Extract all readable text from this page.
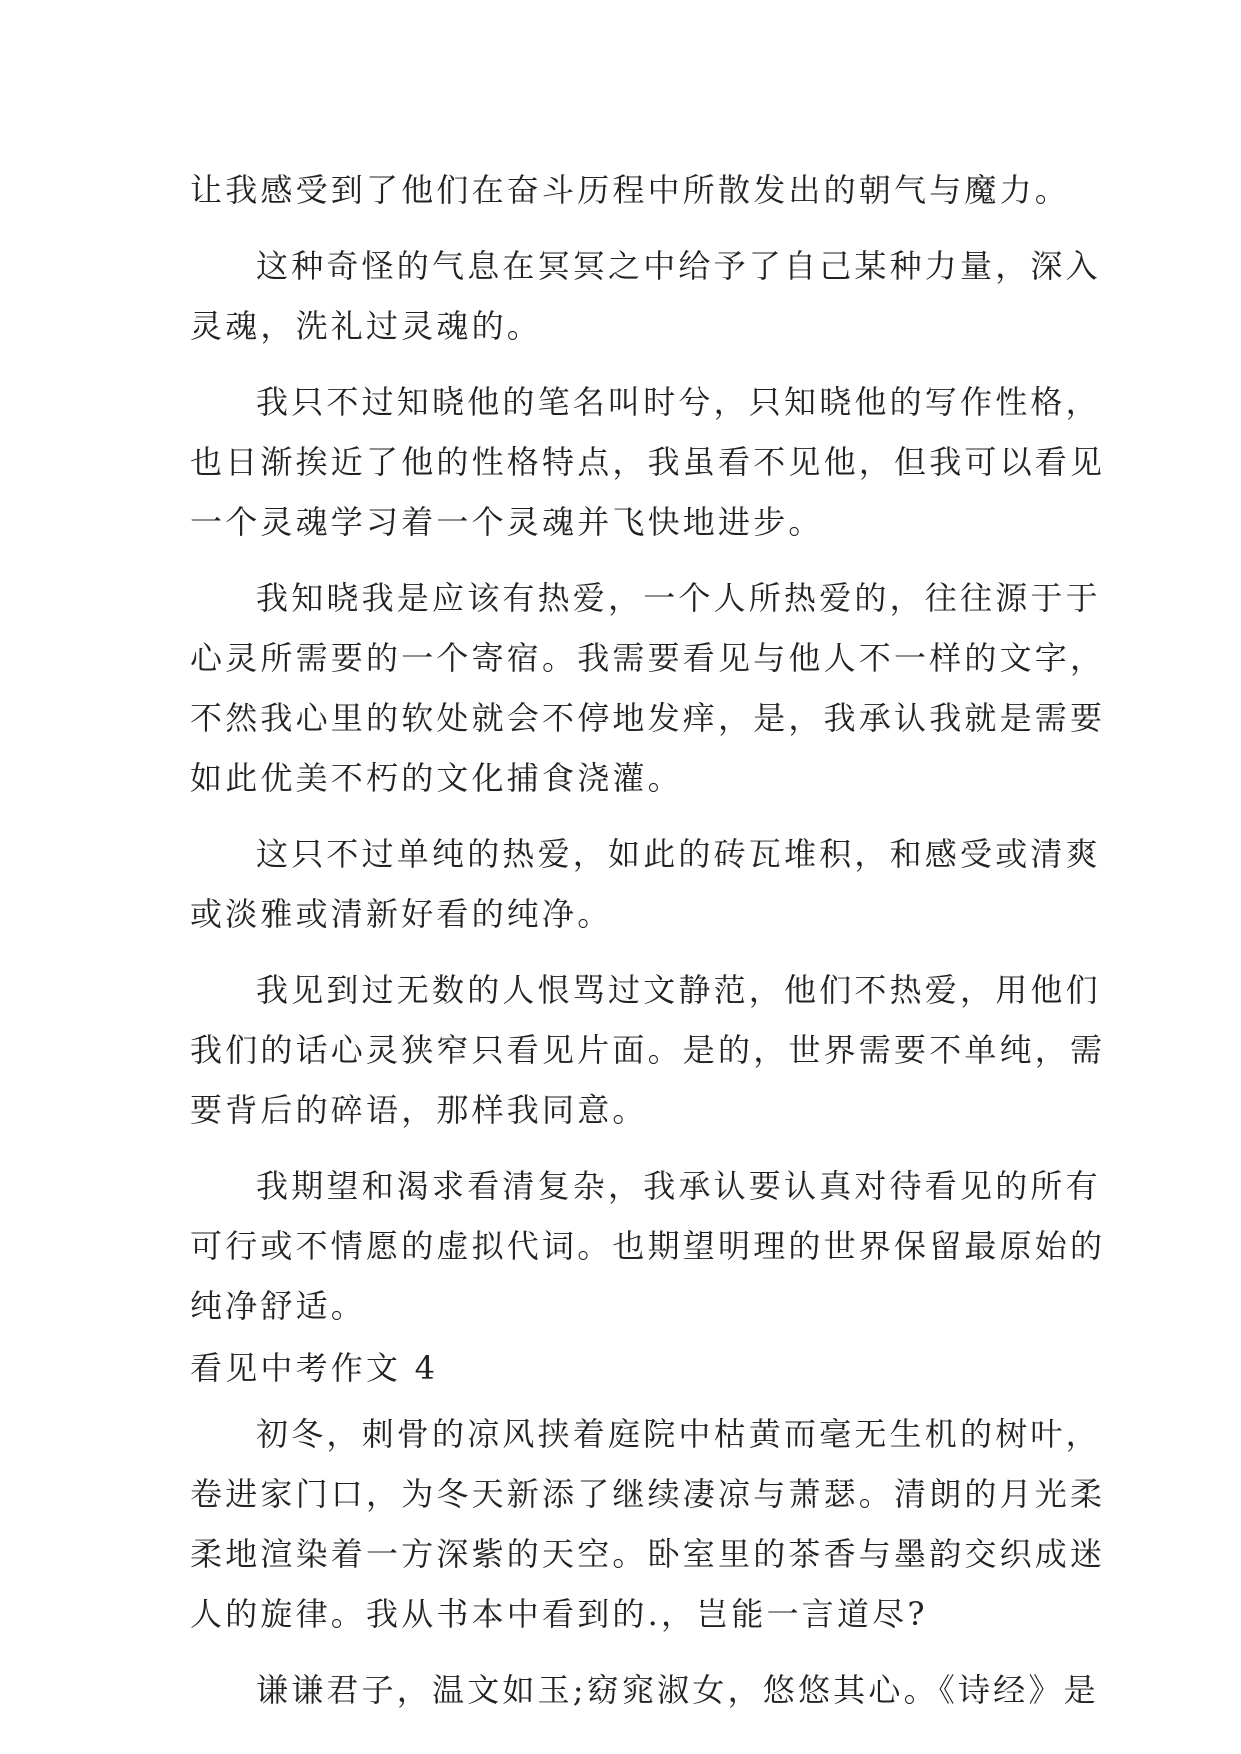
让我感受到了他们在奋斗历程中所散发出的朝气与魔力。
这种奇怪的气息在冥冥之中给予了自己某种力量，深入
灵魂，洗礼过灵魂的。
我只不过知晓他的笔名叫时兮，只知晓他的写作性格，
也日渐挨近了他的性格特点，我虽看不见他，但我可以看见
一个灵魂学习着一个灵魂并飞快地进步。
我知晓我是应该有热爱，一个人所热爱的，往往源于于
心灵所需要的一个寄宿。我需要看见与他人不一样的文字，
不然我心里的软处就会不停地发痒，是，我承认我就是需要
如此优美不朽的文化捕食浇灌。
这只不过单纯的热爱，如此的砖瓦堆积，和感受或清爽
或淡雅或清新好看的纯净。
我见到过无数的人恨骂过文静范，他们不热爱，用他们
我们的话心灵狭窄只看见片面。是的，世界需要不单纯，需
要背后的碎语，那样我同意。
我期望和渴求看清复杂，我承认要认真对待看见的所有
可行或不情愿的虚拟代词。也期望明理的世界保留最原始的
纯净舒适。
看见中考作文 4
初冬，刺骨的凉风挟着庭院中枯黄而毫无生机的树叶，
卷进家门口，为冬天新添了继续凄凉与萧瑟。清朗的月光柔
柔地渲染着一方深紫的天空。卧室里的茶香与墨韵交织成迷
人的旋律。我从书本中看到的.，岂能一言道尽?
谦谦君子，温文如玉;窈窕淑女，悠悠其心。《诗经》是
